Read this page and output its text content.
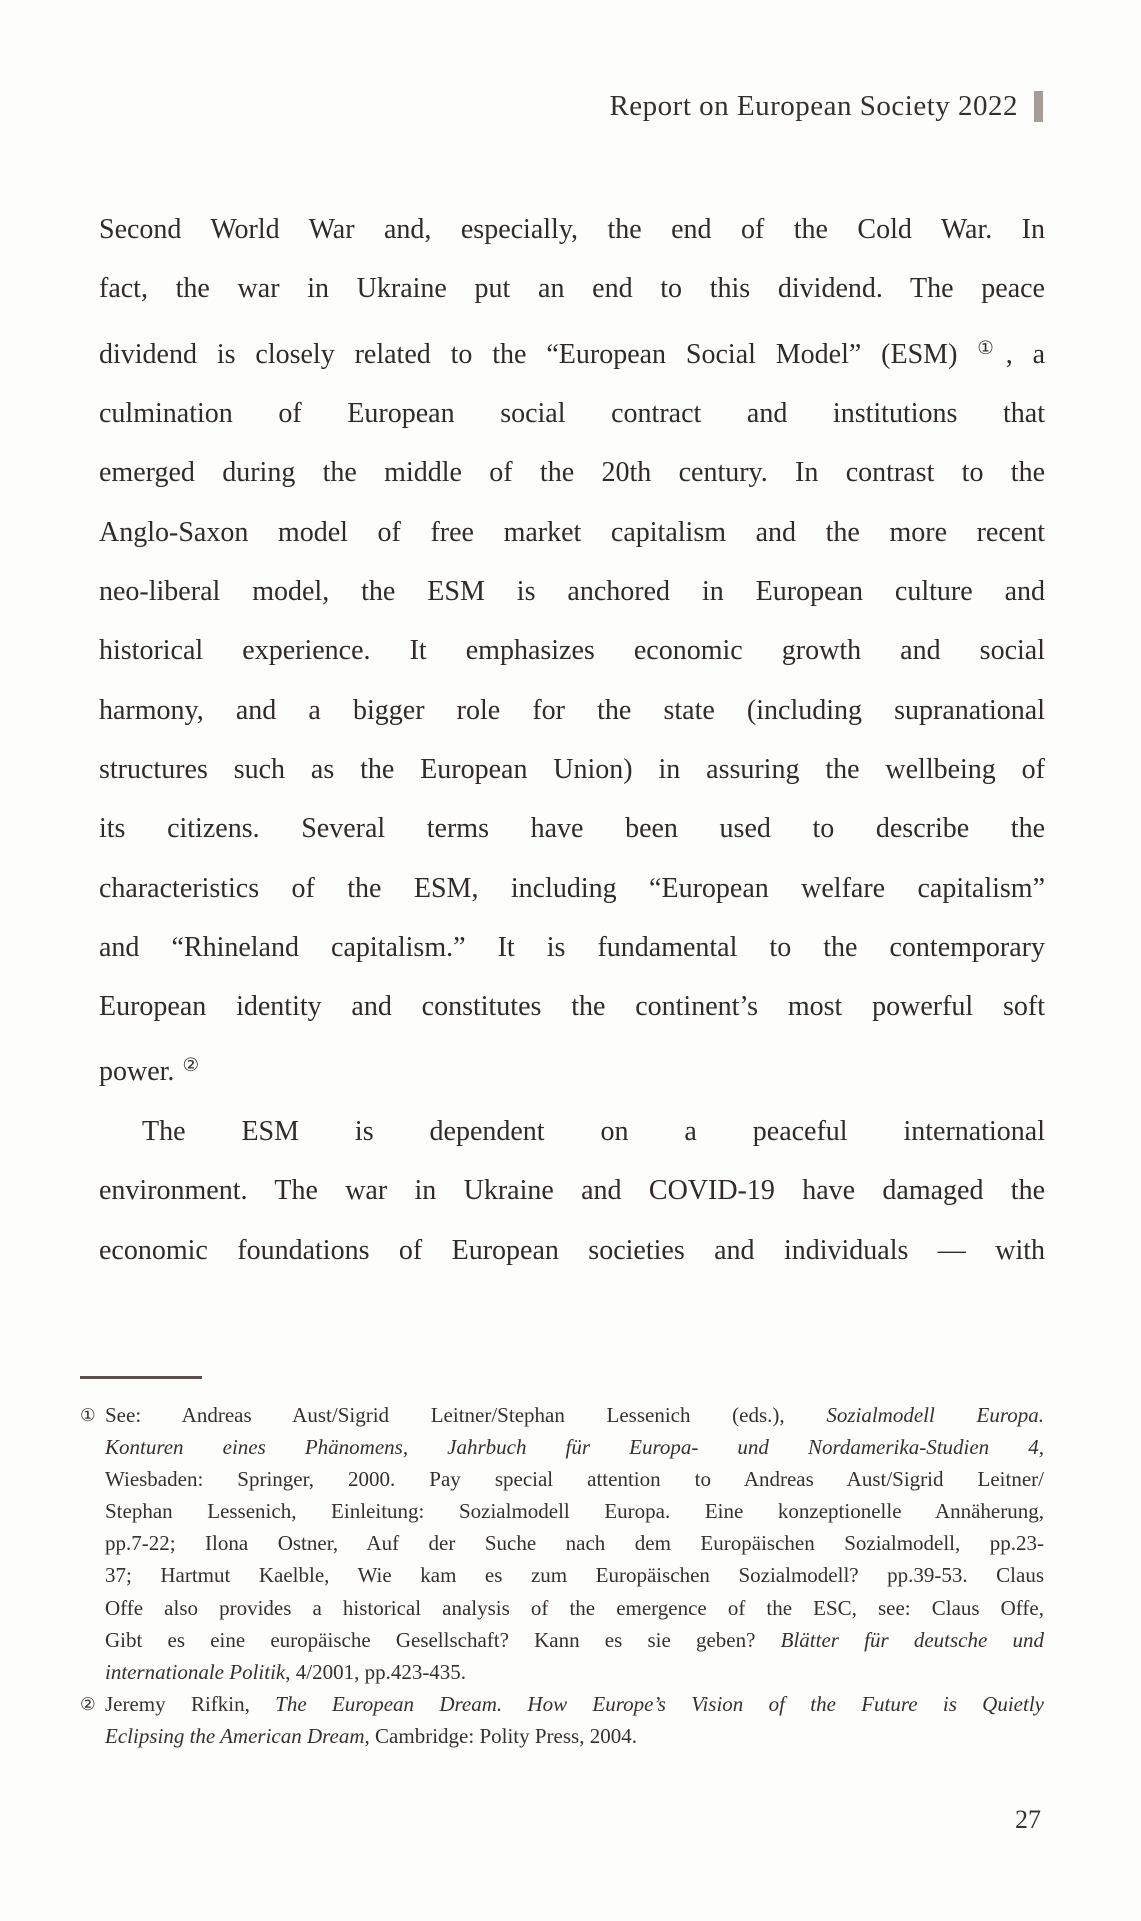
Report on European Society 2022
Second World War and, especially, the end of the Cold War. In
fact, the war in Ukraine put an end to this dividend. The peace
dividend is closely related to the “European Social Model” (ESM) ①, a
culmination of European social contract and institutions that
emerged during the middle of the 20th century. In contrast to the
Anglo-Saxon model of free market capitalism and the more recent
neo-liberal model, the ESM is anchored in European culture and
historical experience. It emphasizes economic growth and social
harmony, and a bigger role for the state (including supranational
structures such as the European Union) in assuring the wellbeing of
its citizens. Several terms have been used to describe the
characteristics of the ESM, including “European welfare capitalism”
and “Rhineland capitalism.” It is fundamental to the contemporary
European identity and constitutes the continent’s most powerful soft
power. ②
The ESM is dependent on a peaceful international
environment. The war in Ukraine and COVID-19 have damaged the
economic foundations of European societies and individuals — with
① See: Andreas Aust/Sigrid Leitner/Stephan Lessenich (eds.), Sozialmodell Europa.
Konturen eines Phänomens, Jahrbuch für Europa- und Nordamerika-Studien 4,
Wiesbaden: Springer, 2000. Pay special attention to Andreas Aust/Sigrid Leitner/
Stephan Lessenich, Einleitung: Sozialmodell Europa. Eine konzeptionelle Annäherung,
pp.7-22; Ilona Ostner, Auf der Suche nach dem Europäischen Sozialmodell, pp.23-
37; Hartmut Kaelble, Wie kam es zum Europäischen Sozialmodell? pp.39-53. Claus
Offe also provides a historical analysis of the emergence of the ESC, see: Claus Offe,
Gibt es eine europäische Gesellschaft? Kann es sie geben? Blätter für deutsche und
internationale Politik, 4/2001, pp.423-435.
② Jeremy Rifkin, The European Dream. How Europe’s Vision of the Future is Quietly
Eclipsing the American Dream, Cambridge: Polity Press, 2004.
27
